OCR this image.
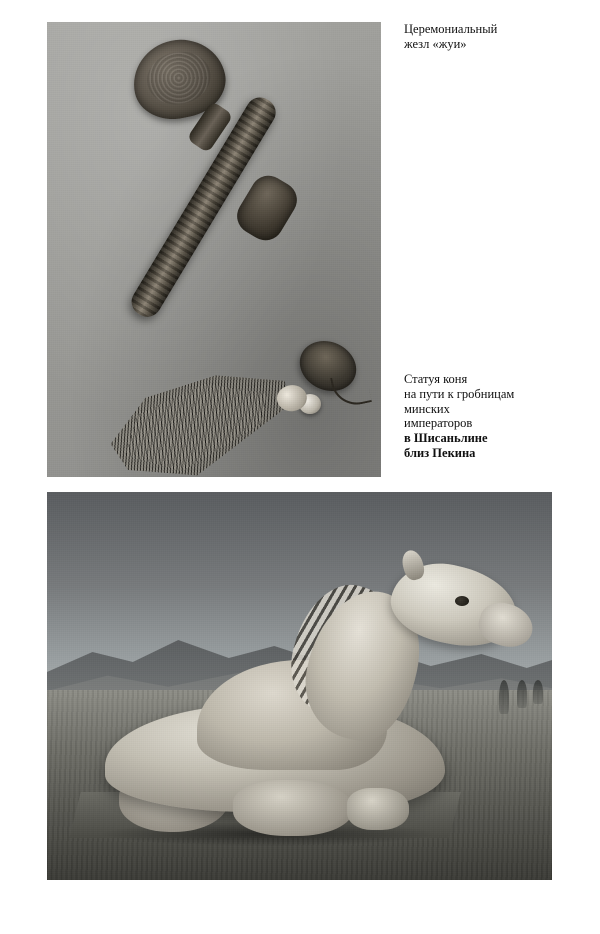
Церемониальный
жезл «жуи»
Статуя коня
на пути к гробницам
минских
императоров
в Шисаньлине
близ Пекина
